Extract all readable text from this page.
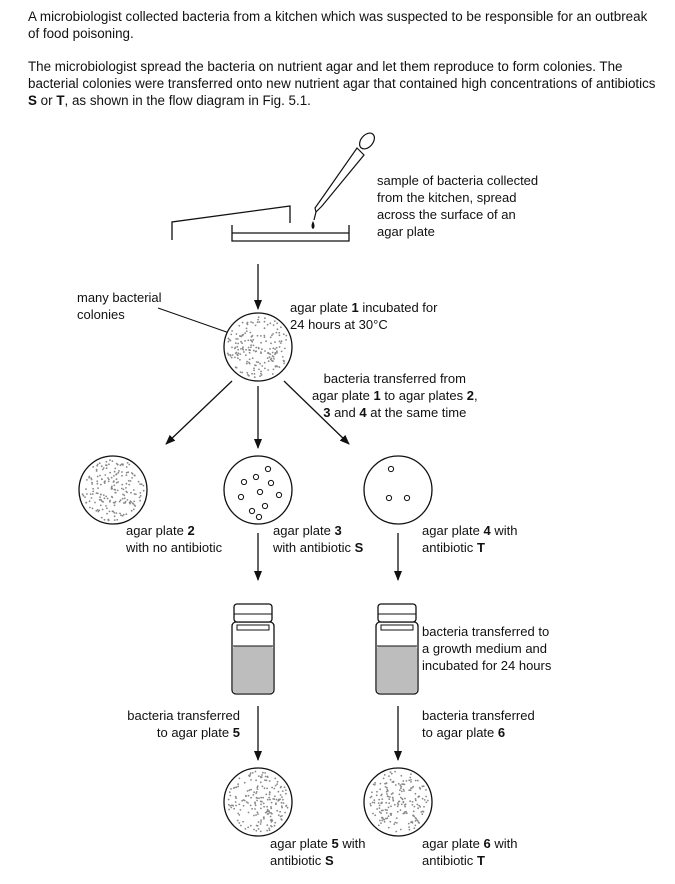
A microbiologist collected bacteria from a kitchen which was suspected to be responsible for an outbreak of food poisoning.

The microbiologist spread the bacteria on nutrient agar and let them reproduce to form colonies. The bacterial colonies were transferred onto new nutrient agar that contained high concentrations of antibiotics S or T, as shown in the flow diagram in Fig. 5.1.

sample of bacteria collected
from the kitchen, spread
across the surface of an
agar plate
many bacterial
colonies	agar plate 1 incubated for
24 hours at 30°C
bacteria transferred from
agar plate 1 to agar plates 2,
3 and 4 at the same time
agar plate 2
with no antibiotic
agar plate 3
with antibiotic S
agar plate 4 with
antibiotic T
bacteria transferred to
a growth medium and
incubated for 24 hours
bacteria transferred
to agar plate 5
bacteria transferred
to agar plate 6
agar plate 5 with
antibiotic S
agar plate 6 with
antibiotic T
